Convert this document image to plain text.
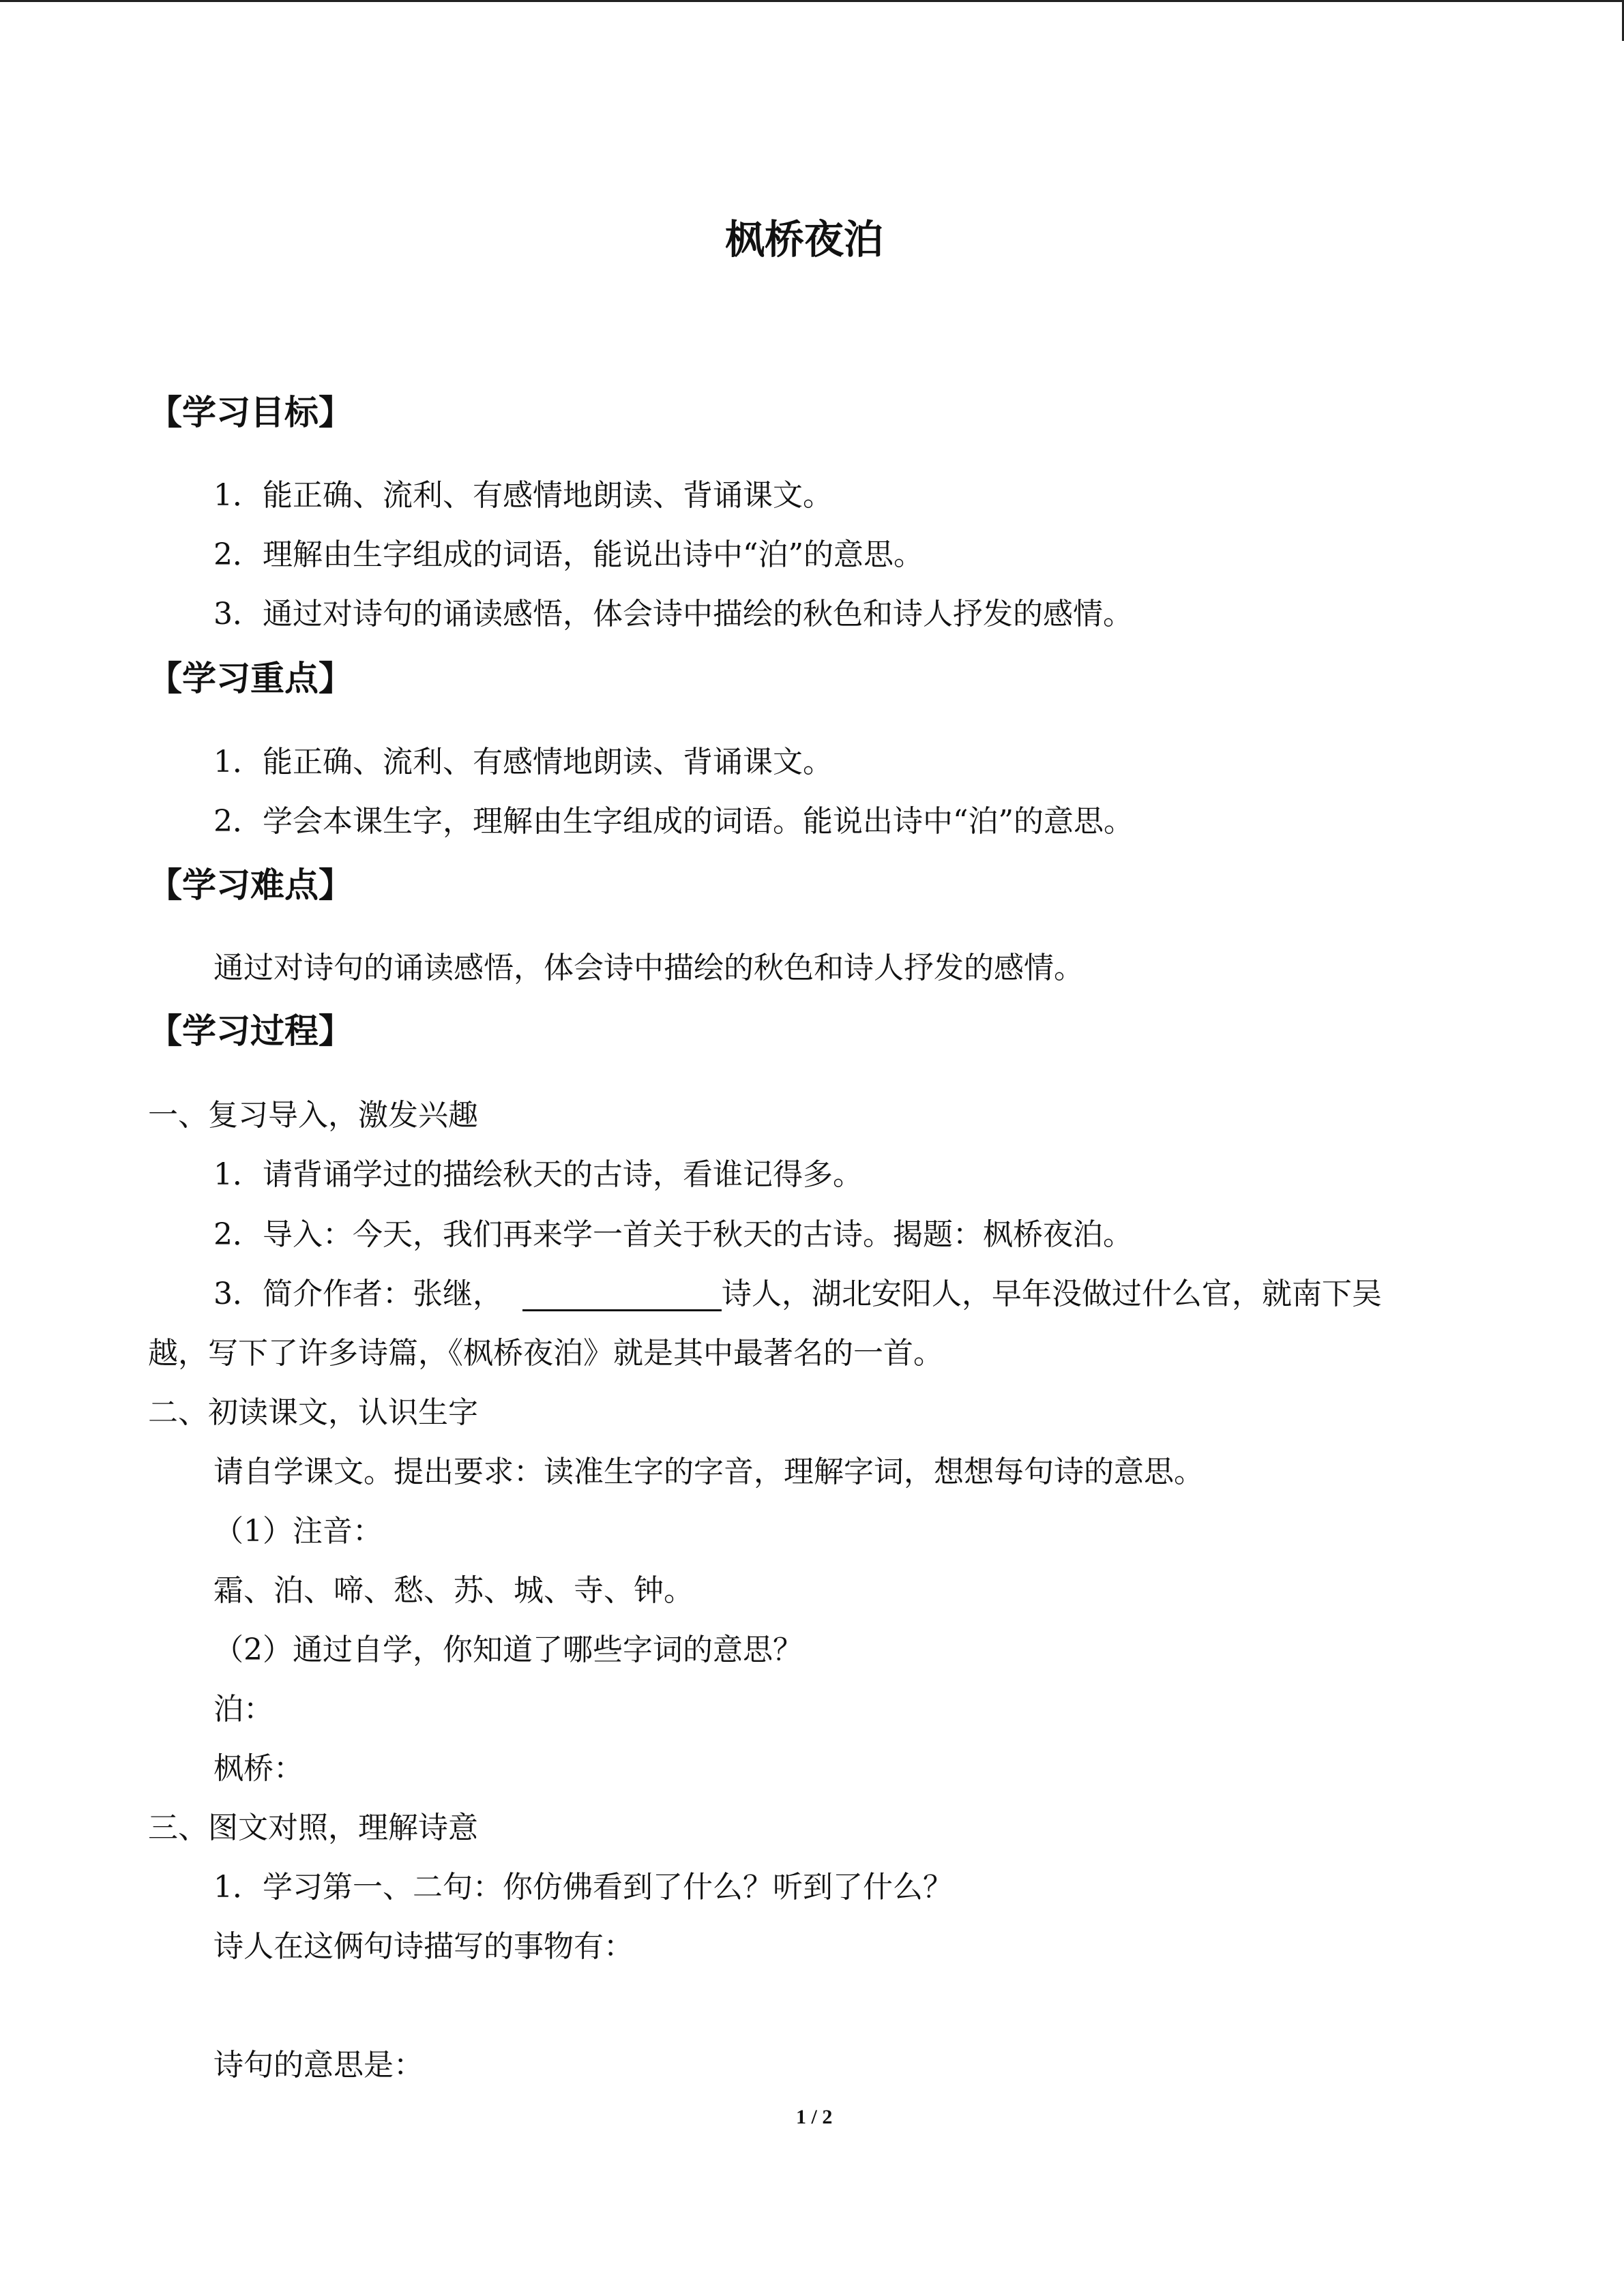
枫桥夜泊
【学习目标】
1．能正确、流利、有感情地朗读、背诵课文。
2．理解由生字组成的词语，能说出诗中“泊”的意思。
3．通过对诗句的诵读感悟，体会诗中描绘的秋色和诗人抒发的感情。
【学习重点】
1．能正确、流利、有感情地朗读、背诵课文。
2．学会本课生字，理解由生字组成的词语。能说出诗中“泊”的意思。
【学习难点】
通过对诗句的诵读感悟，体会诗中描绘的秋色和诗人抒发的感情。
【学习过程】
一、复习导入，激发兴趣
1．请背诵学过的描绘秋天的古诗，看谁记得多。
2．导入：今天，我们再来学一首关于秋天的古诗。揭题：枫桥夜泊。
3．简介作者：张继，	诗人，湖北安阳人，早年没做过什么官，就南下吴
越，写下了许多诗篇，《枫桥夜泊》就是其中最著名的一首。
二、初读课文，认识生字
请自学课文。提出要求：读准生字的字音，理解字词，想想每句诗的意思。
（1）注音：
霜、泊、啼、愁、苏、城、寺、钟。
（2）通过自学，你知道了哪些字词的意思？
泊：
枫桥：
三、图文对照，理解诗意
1．学习第一、二句：你仿佛看到了什么？听到了什么？
诗人在这俩句诗描写的事物有：
诗句的意思是：
1 / 2
